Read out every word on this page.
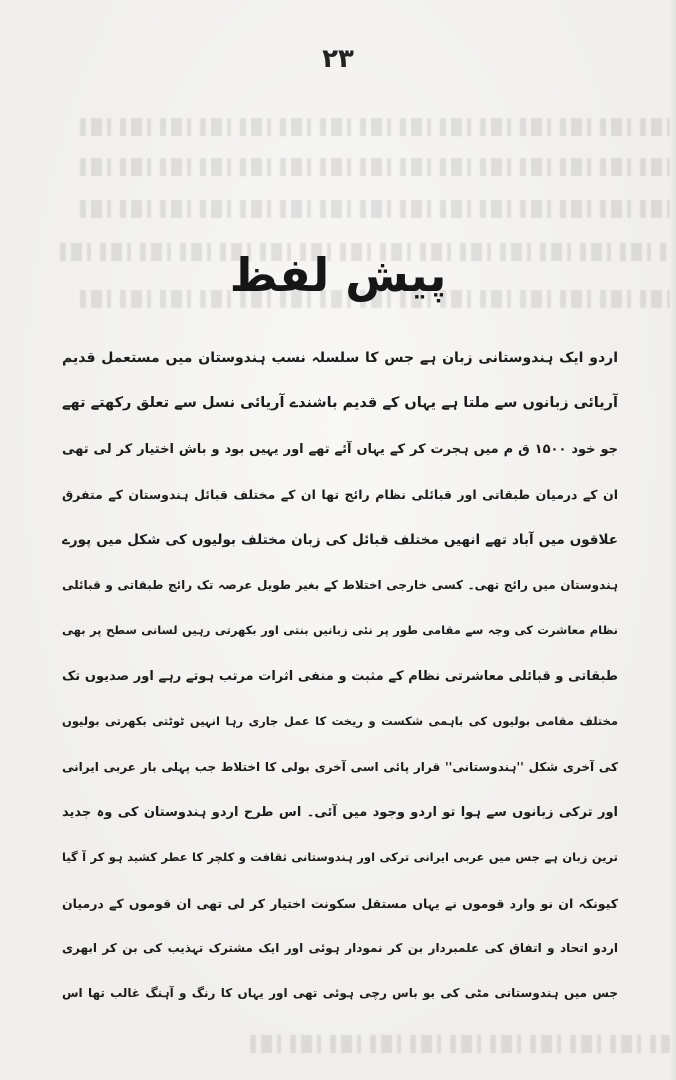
۲۳
پیش لفظ
اردو ایک ہندوستانی زبان ہے جس کا سلسلہ نسب ہندوستان میں مستعمل قدیم
آریائی زبانوں سے ملتا ہے یہاں کے قدیم باشندے آریائی نسل سے تعلق رکھتے تھے
جو خود ۱۵۰۰ ق م میں ہجرت کر کے یہاں آئے تھے اور یہیں بود و باش اختیار کر لی تھی
ان کے درمیان طبقاتی اور قبائلی نظام رائج تھا ان کے مختلف قبائل ہندوستان کے متفرق
علاقوں میں آباد تھے انھیں مختلف قبائل کی زبان مختلف بولیوں کی شکل میں پورے
ہندوستان میں رائج تھی۔ کسی خارجی اختلاط کے بغیر طویل عرصہ تک رائج طبقاتی و قبائلی
نظام معاشرت کی وجہ سے مقامی طور پر نئی زبانیں بنتی اور بکھرتی رہیں لسانی سطح پر بھی
طبقاتی و قبائلی معاشرتی نظام کے مثبت و منفی اثرات مرتب ہوتے رہے اور صدیوں تک
مختلف مقامی بولیوں کی باہمی شکست و ریخت کا عمل جاری رہا انہیں ٹوٹتی بکھرتی بولیوں
کی آخری شکل ''ہندوستانی'' قرار پائی اسی آخری بولی کا اختلاط جب پہلی بار عربی ایرانی
اور ترکی زبانوں سے ہوا تو اردو وجود میں آئی۔ اس طرح اردو ہندوستان کی وہ جدید
ترین زبان ہے جس میں عربی ایرانی ترکی اور ہندوستانی ثقافت و کلچر کا عطر کشید ہو کر آ گیا
کیونکہ ان نو وارد قوموں نے یہاں مستقل سکونت اختیار کر لی تھی ان قوموں کے درمیان
اردو اتحاد و اتفاق کی علمبردار بن کر نمودار ہوئی اور ایک مشترک تہذیب کی بن کر ابھری
جس میں ہندوستانی مٹی کی بو باس رچی ہوئی تھی اور یہاں کا رنگ و آہنگ غالب تھا اس
